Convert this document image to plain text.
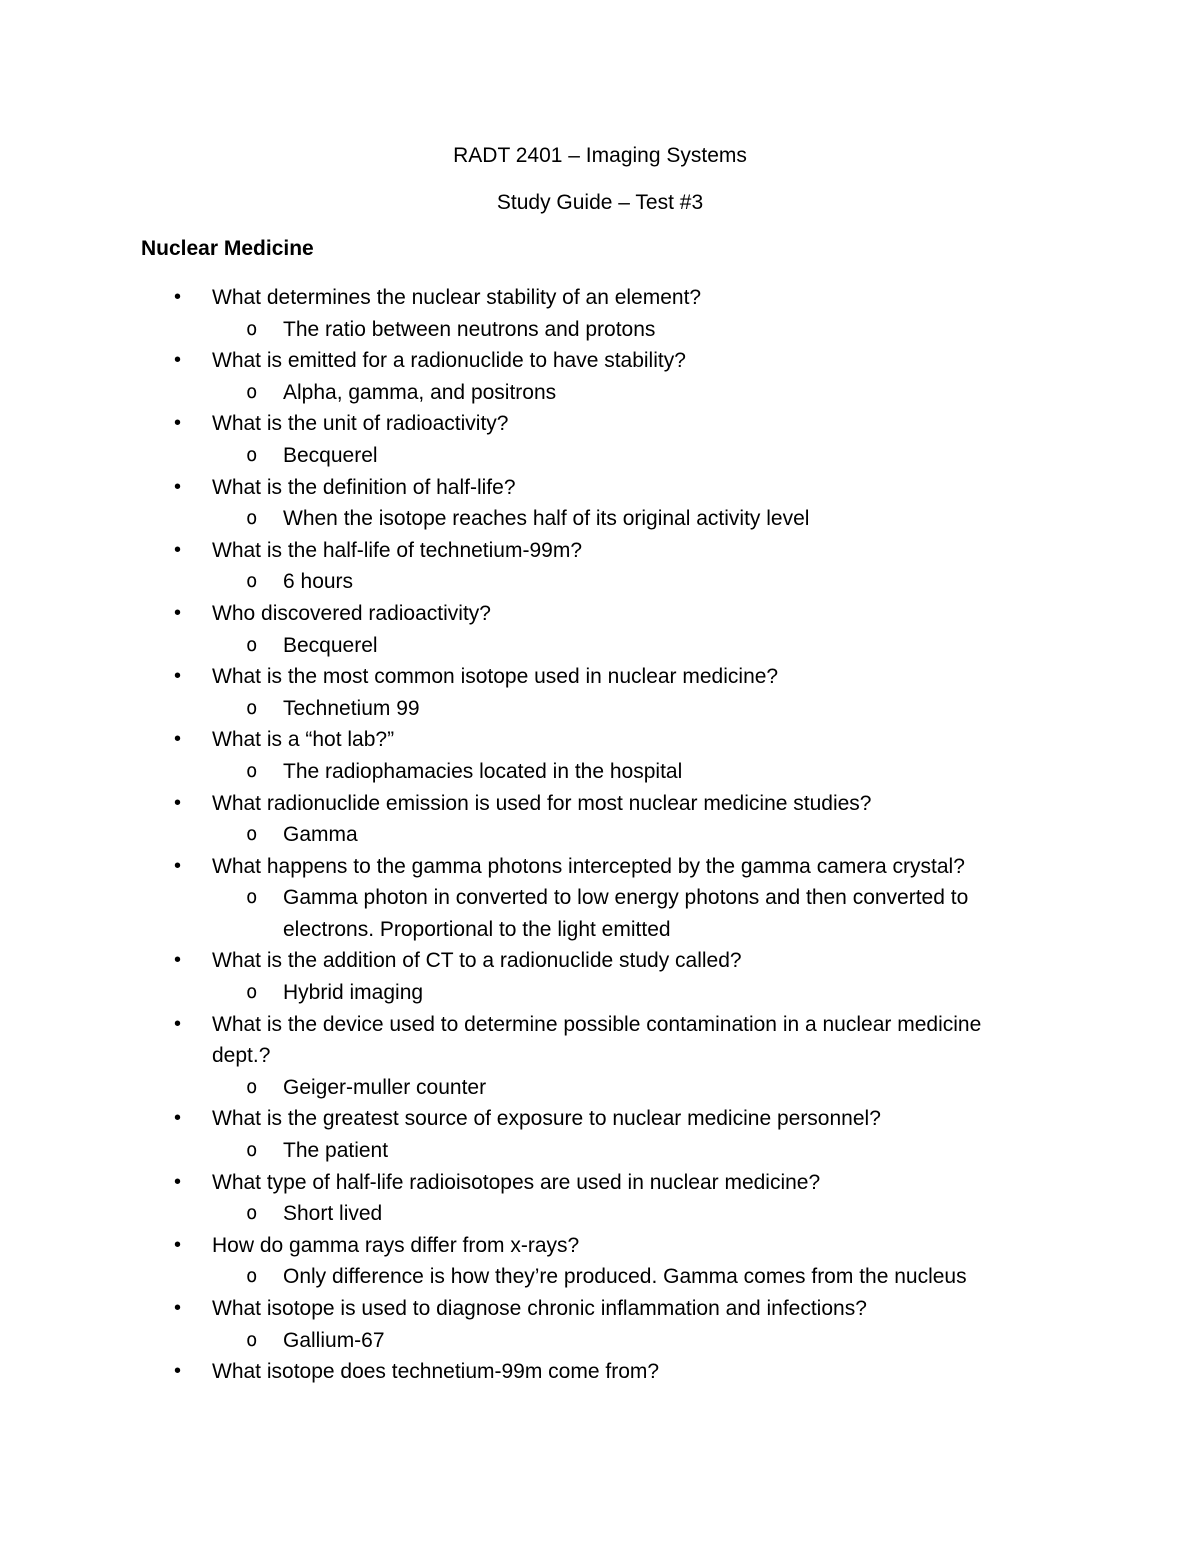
RADT 2401 – Imaging Systems
Study Guide – Test #3
Nuclear Medicine
• What determines the nuclear stability of an element?
o The ratio between neutrons and protons
• What is emitted for a radionuclide to have stability?
o Alpha, gamma, and positrons
• What is the unit of radioactivity?
o Becquerel
• What is the definition of half-life?
o When the isotope reaches half of its original activity level
• What is the half-life of technetium-99m?
o 6 hours
• Who discovered radioactivity?
o Becquerel
• What is the most common isotope used in nuclear medicine?
o Technetium 99
• What is a “hot lab?”
o The radiophamacies located in the hospital
• What radionuclide emission is used for most nuclear medicine studies?
o Gamma
• What happens to the gamma photons intercepted by the gamma camera crystal?
o Gamma photon in converted to low energy photons and then converted to electrons. Proportional to the light emitted
• What is the addition of CT to a radionuclide study called?
o Hybrid imaging
• What is the device used to determine possible contamination in a nuclear medicine dept.?
o Geiger-muller counter
• What is the greatest source of exposure to nuclear medicine personnel?
o The patient
• What type of half-life radioisotopes are used in nuclear medicine?
o Short lived
• How do gamma rays differ from x-rays?
o Only difference is how they’re produced. Gamma comes from the nucleus
• What isotope is used to diagnose chronic inflammation and infections?
o Gallium-67
• What isotope does technetium-99m come from?
